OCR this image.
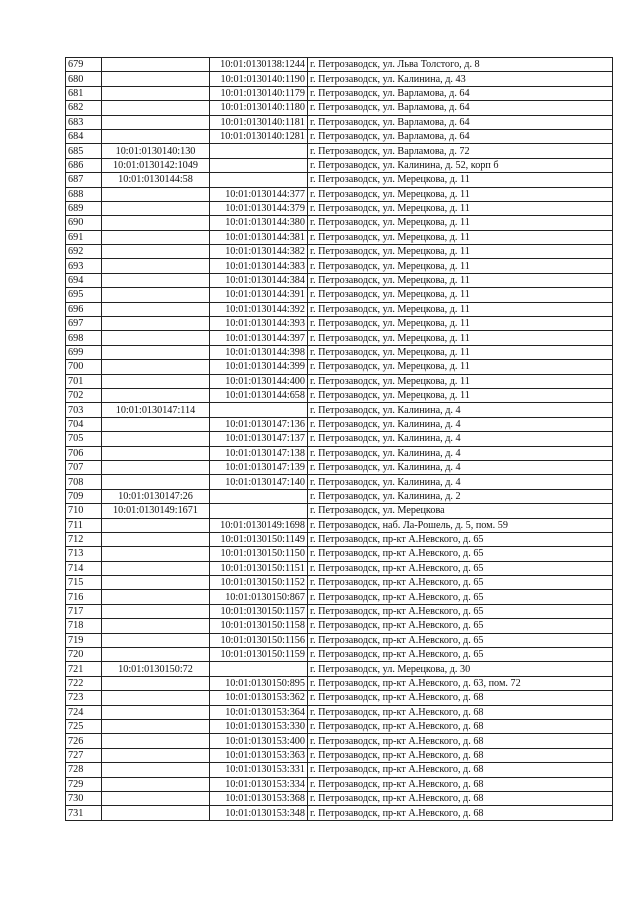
679		10:01:0130138:1244	г. Петрозаводск, ул. Льва Толстого, д. 8
680		10:01:0130140:1190	г. Петрозаводск, ул. Калинина, д. 43
681		10:01:0130140:1179	г. Петрозаводск, ул. Варламова, д. 64
682		10:01:0130140:1180	г. Петрозаводск, ул. Варламова, д. 64
683		10:01:0130140:1181	г. Петрозаводск, ул. Варламова, д. 64
684		10:01:0130140:1281	г. Петрозаводск, ул. Варламова, д. 64
685	10:01:0130140:130		г. Петрозаводск, ул. Варламова, д. 72
686	10:01:0130142:1049		г. Петрозаводск, ул. Калинина, д. 52, корп б
687	10:01:0130144:58		г. Петрозаводск, ул. Мерецкова, д. 11
688		10:01:0130144:377	г. Петрозаводск, ул. Мерецкова, д. 11
689		10:01:0130144:379	г. Петрозаводск, ул. Мерецкова, д. 11
690		10:01:0130144:380	г. Петрозаводск, ул. Мерецкова, д. 11
691		10:01:0130144:381	г. Петрозаводск, ул. Мерецкова, д. 11
692		10:01:0130144:382	г. Петрозаводск, ул. Мерецкова, д. 11
693		10:01:0130144:383	г. Петрозаводск, ул. Мерецкова, д. 11
694		10:01:0130144:384	г. Петрозаводск, ул. Мерецкова, д. 11
695		10:01:0130144:391	г. Петрозаводск, ул. Мерецкова, д. 11
696		10:01:0130144:392	г. Петрозаводск, ул. Мерецкова, д. 11
697		10:01:0130144:393	г. Петрозаводск, ул. Мерецкова, д. 11
698		10:01:0130144:397	г. Петрозаводск, ул. Мерецкова, д. 11
699		10:01:0130144:398	г. Петрозаводск, ул. Мерецкова, д. 11
700		10:01:0130144:399	г. Петрозаводск, ул. Мерецкова, д. 11
701		10:01:0130144:400	г. Петрозаводск, ул. Мерецкова, д. 11
702		10:01:0130144:658	г. Петрозаводск, ул. Мерецкова, д. 11
703	10:01:0130147:114		г. Петрозаводск, ул. Калинина, д. 4
704		10:01:0130147:136	г. Петрозаводск, ул. Калинина, д. 4
705		10:01:0130147:137	г. Петрозаводск, ул. Калинина, д. 4
706		10:01:0130147:138	г. Петрозаводск, ул. Калинина, д. 4
707		10:01:0130147:139	г. Петрозаводск, ул. Калинина, д. 4
708		10:01:0130147:140	г. Петрозаводск, ул. Калинина, д. 4
709	10:01:0130147:26		г. Петрозаводск, ул. Калинина, д. 2
710	10:01:0130149:1671		г. Петрозаводск, ул. Мерецкова
711		10:01:0130149:1698	г. Петрозаводск, наб. Ла-Рошель, д. 5, пом. 59
712		10:01:0130150:1149	г. Петрозаводск, пр-кт А.Невского, д. 65
713		10:01:0130150:1150	г. Петрозаводск, пр-кт А.Невского, д. 65
714		10:01:0130150:1151	г. Петрозаводск, пр-кт А.Невского, д. 65
715		10:01:0130150:1152	г. Петрозаводск, пр-кт А.Невского, д. 65
716		10:01:0130150:867	г. Петрозаводск, пр-кт А.Невского, д. 65
717		10:01:0130150:1157	г. Петрозаводск, пр-кт А.Невского, д. 65
718		10:01:0130150:1158	г. Петрозаводск, пр-кт А.Невского, д. 65
719		10:01:0130150:1156	г. Петрозаводск, пр-кт А.Невского, д. 65
720		10:01:0130150:1159	г. Петрозаводск, пр-кт А.Невского, д. 65
721	10:01:0130150:72		г. Петрозаводск, ул. Мерецкова, д. 30
722		10:01:0130150:895	г. Петрозаводск, пр-кт А.Невского, д. 63, пом. 72
723		10:01:0130153:362	г. Петрозаводск, пр-кт А.Невского, д. 68
724		10:01:0130153:364	г. Петрозаводск, пр-кт А.Невского, д. 68
725		10:01:0130153:330	г. Петрозаводск, пр-кт А.Невского, д. 68
726		10:01:0130153:400	г. Петрозаводск, пр-кт А.Невского, д. 68
727		10:01:0130153:363	г. Петрозаводск, пр-кт А.Невского, д. 68
728		10:01:0130153:331	г. Петрозаводск, пр-кт А.Невского, д. 68
729		10:01:0130153:334	г. Петрозаводск, пр-кт А.Невского, д. 68
730		10:01:0130153:368	г. Петрозаводск, пр-кт А.Невского, д. 68
731		10:01:0130153:348	г. Петрозаводск, пр-кт А.Невского, д. 68
